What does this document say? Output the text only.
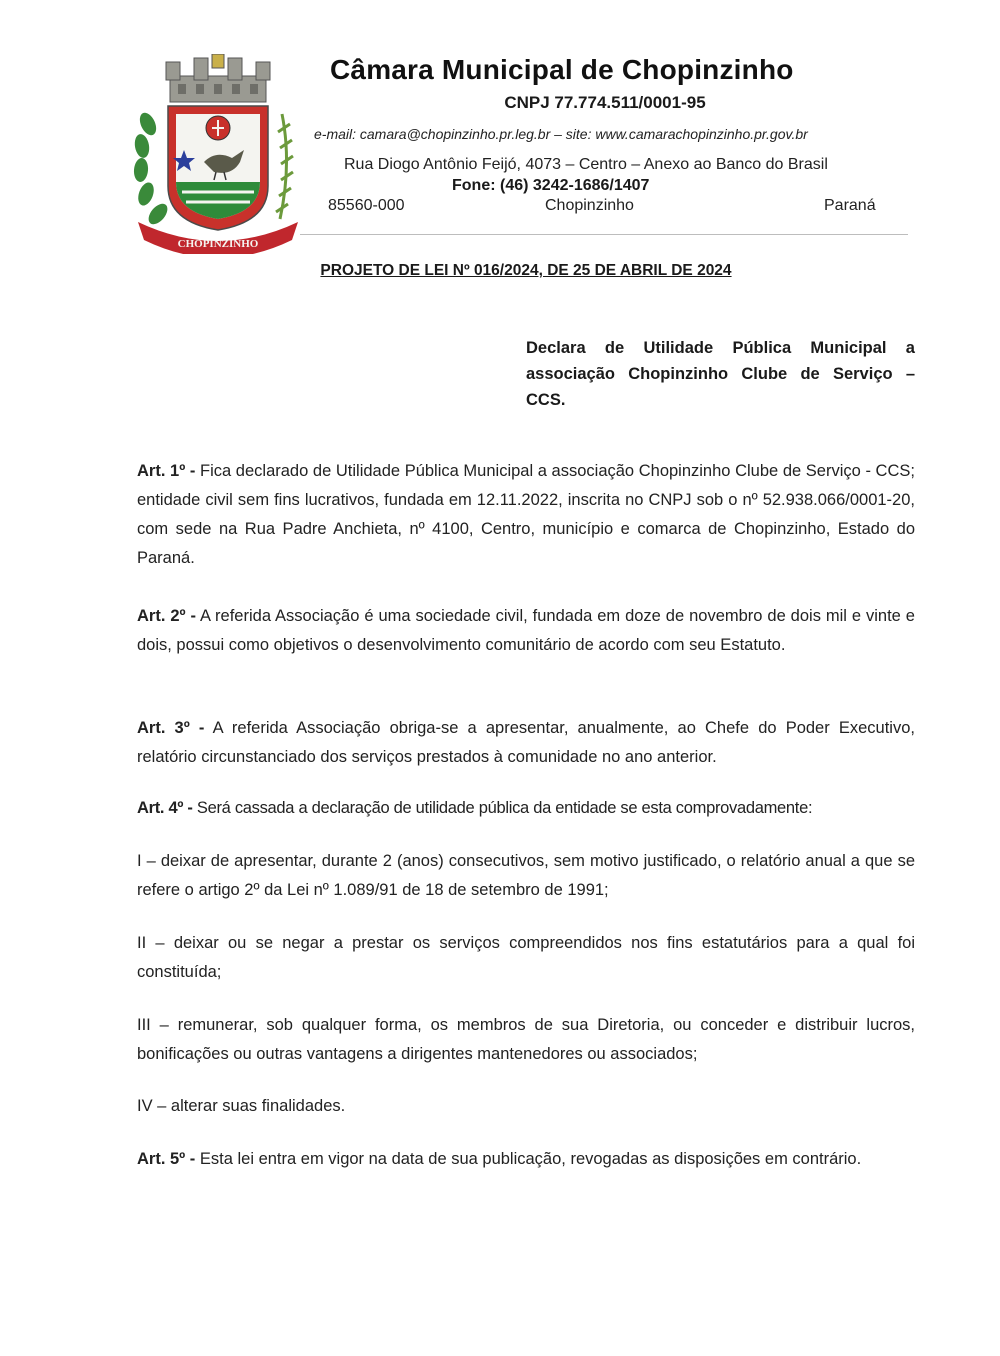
CHOPINZINHO
Câmara Municipal de Chopinzinho
CNPJ 77.774.511/0001-95
e-mail: camara@chopinzinho.pr.leg.br – site: www.camarachopinzinho.pr.gov.br
Rua Diogo Antônio Feijó, 4073 – Centro – Anexo ao Banco do Brasil
Fone: (46) 3242-1686/1407
85560-000	Chopinzinho	Paraná
PROJETO DE LEI Nº 016/2024, DE 25 DE ABRIL DE 2024
Declara de Utilidade Pública Municipal a associação Chopinzinho Clube de Serviço – CCS.
Art. 1º - Fica declarado de Utilidade Pública Municipal a associação Chopinzinho Clube de Serviço - CCS; entidade civil sem fins lucrativos, fundada em 12.11.2022, inscrita no CNPJ sob o nº 52.938.066/0001-20, com sede na Rua Padre Anchieta, nº 4100, Centro, município e comarca de Chopinzinho, Estado do Paraná.
Art. 2º - A referida Associação é uma sociedade civil, fundada em doze de novembro de dois mil e vinte e dois, possui como objetivos o desenvolvimento comunitário de acordo com seu Estatuto.
Art. 3º - A referida Associação obriga-se a apresentar, anualmente, ao Chefe do Poder Executivo, relatório circunstanciado dos serviços prestados à comunidade no ano anterior.
Art. 4º - Será cassada a declaração de utilidade pública da entidade se esta comprovadamente:
I – deixar de apresentar, durante 2 (anos) consecutivos, sem motivo justificado, o relatório anual a que se refere o artigo 2º da Lei nº 1.089/91 de 18 de setembro de 1991;
II – deixar ou se negar a prestar os serviços compreendidos nos fins estatutários para a qual foi constituída;
III – remunerar, sob qualquer forma, os membros de sua Diretoria, ou conceder e distribuir lucros, bonificações ou outras vantagens a dirigentes mantenedores ou associados;
IV – alterar suas finalidades.
Art. 5º - Esta lei entra em vigor na data de sua publicação, revogadas as disposições em contrário.
